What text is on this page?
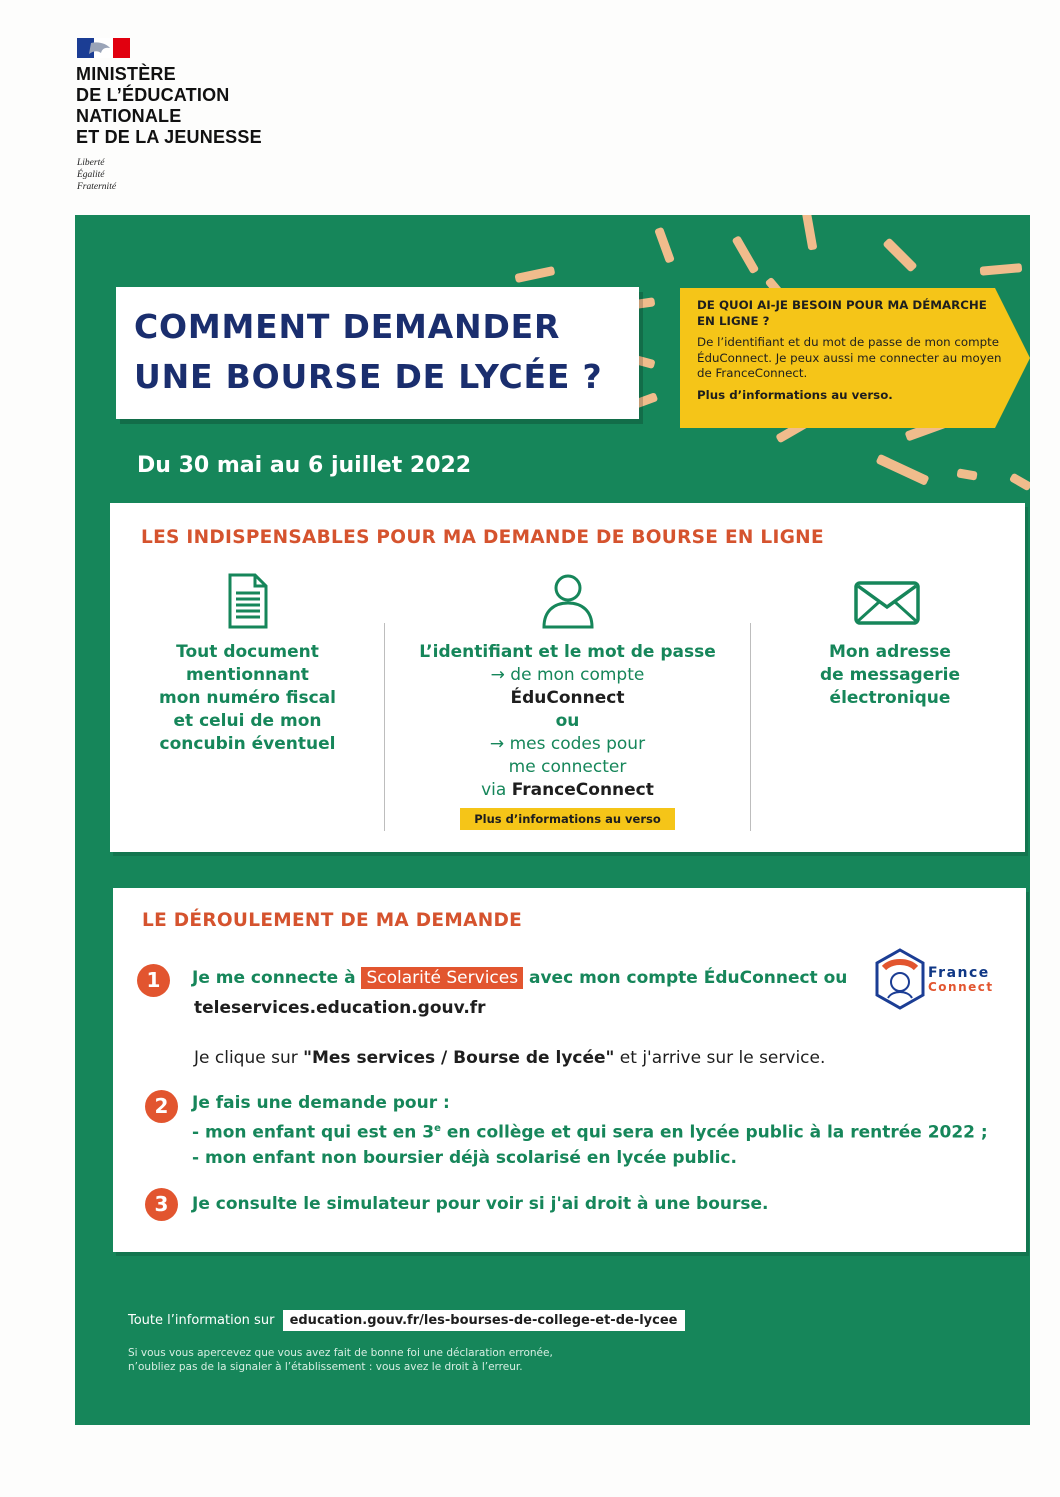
MINISTÈRE
DE L’ÉDUCATION
NATIONALE
ET DE LA JEUNESSE
Liberté
Égalité
Fraternité
COMMENT DEMANDER
UNE BOURSE DE LYCÉE ?
DE QUOI AI-JE BESOIN POUR MA DÉMARCHE EN LIGNE ?
De l’identifiant et du mot de passe de mon compte ÉduConnect. Je peux aussi me connecter au moyen de FranceConnect.
Plus d’informations au verso.
Du 30 mai au 6 juillet 2022
LES INDISPENSABLES POUR MA DEMANDE DE BOURSE EN LIGNE
Tout document
mentionnant
mon numéro fiscal
et celui de mon
concubin éventuel
L’identifiant et le mot de passe
→ de mon compte
ÉduConnect
ou
→ mes codes pour
me connecter
via FranceConnect
Plus d’informations au verso
Mon adresse
de messagerie
électronique
LE DÉROULEMENT DE MA DEMANDE
1	Je me connecte à Scolarité Services avec mon compte ÉduConnect ou
teleservices.education.gouv.fr
Je clique sur "Mes services / Bourse de lycée" et j'arrive sur le service.
France
Connect
2	Je fais une demande pour :
- mon enfant qui est en 3e en collège et qui sera en lycée public à la rentrée 2022 ;
- mon enfant non boursier déjà scolarisé en lycée public.
3	Je consulte le simulateur pour voir si j'ai droit à une bourse.
Toute l’information sur education.gouv.fr/les-bourses-de-college-et-de-lycee
Si vous vous apercevez que vous avez fait de bonne foi une déclaration erronée,
n’oubliez pas de la signaler à l’établissement : vous avez le droit à l’erreur.
